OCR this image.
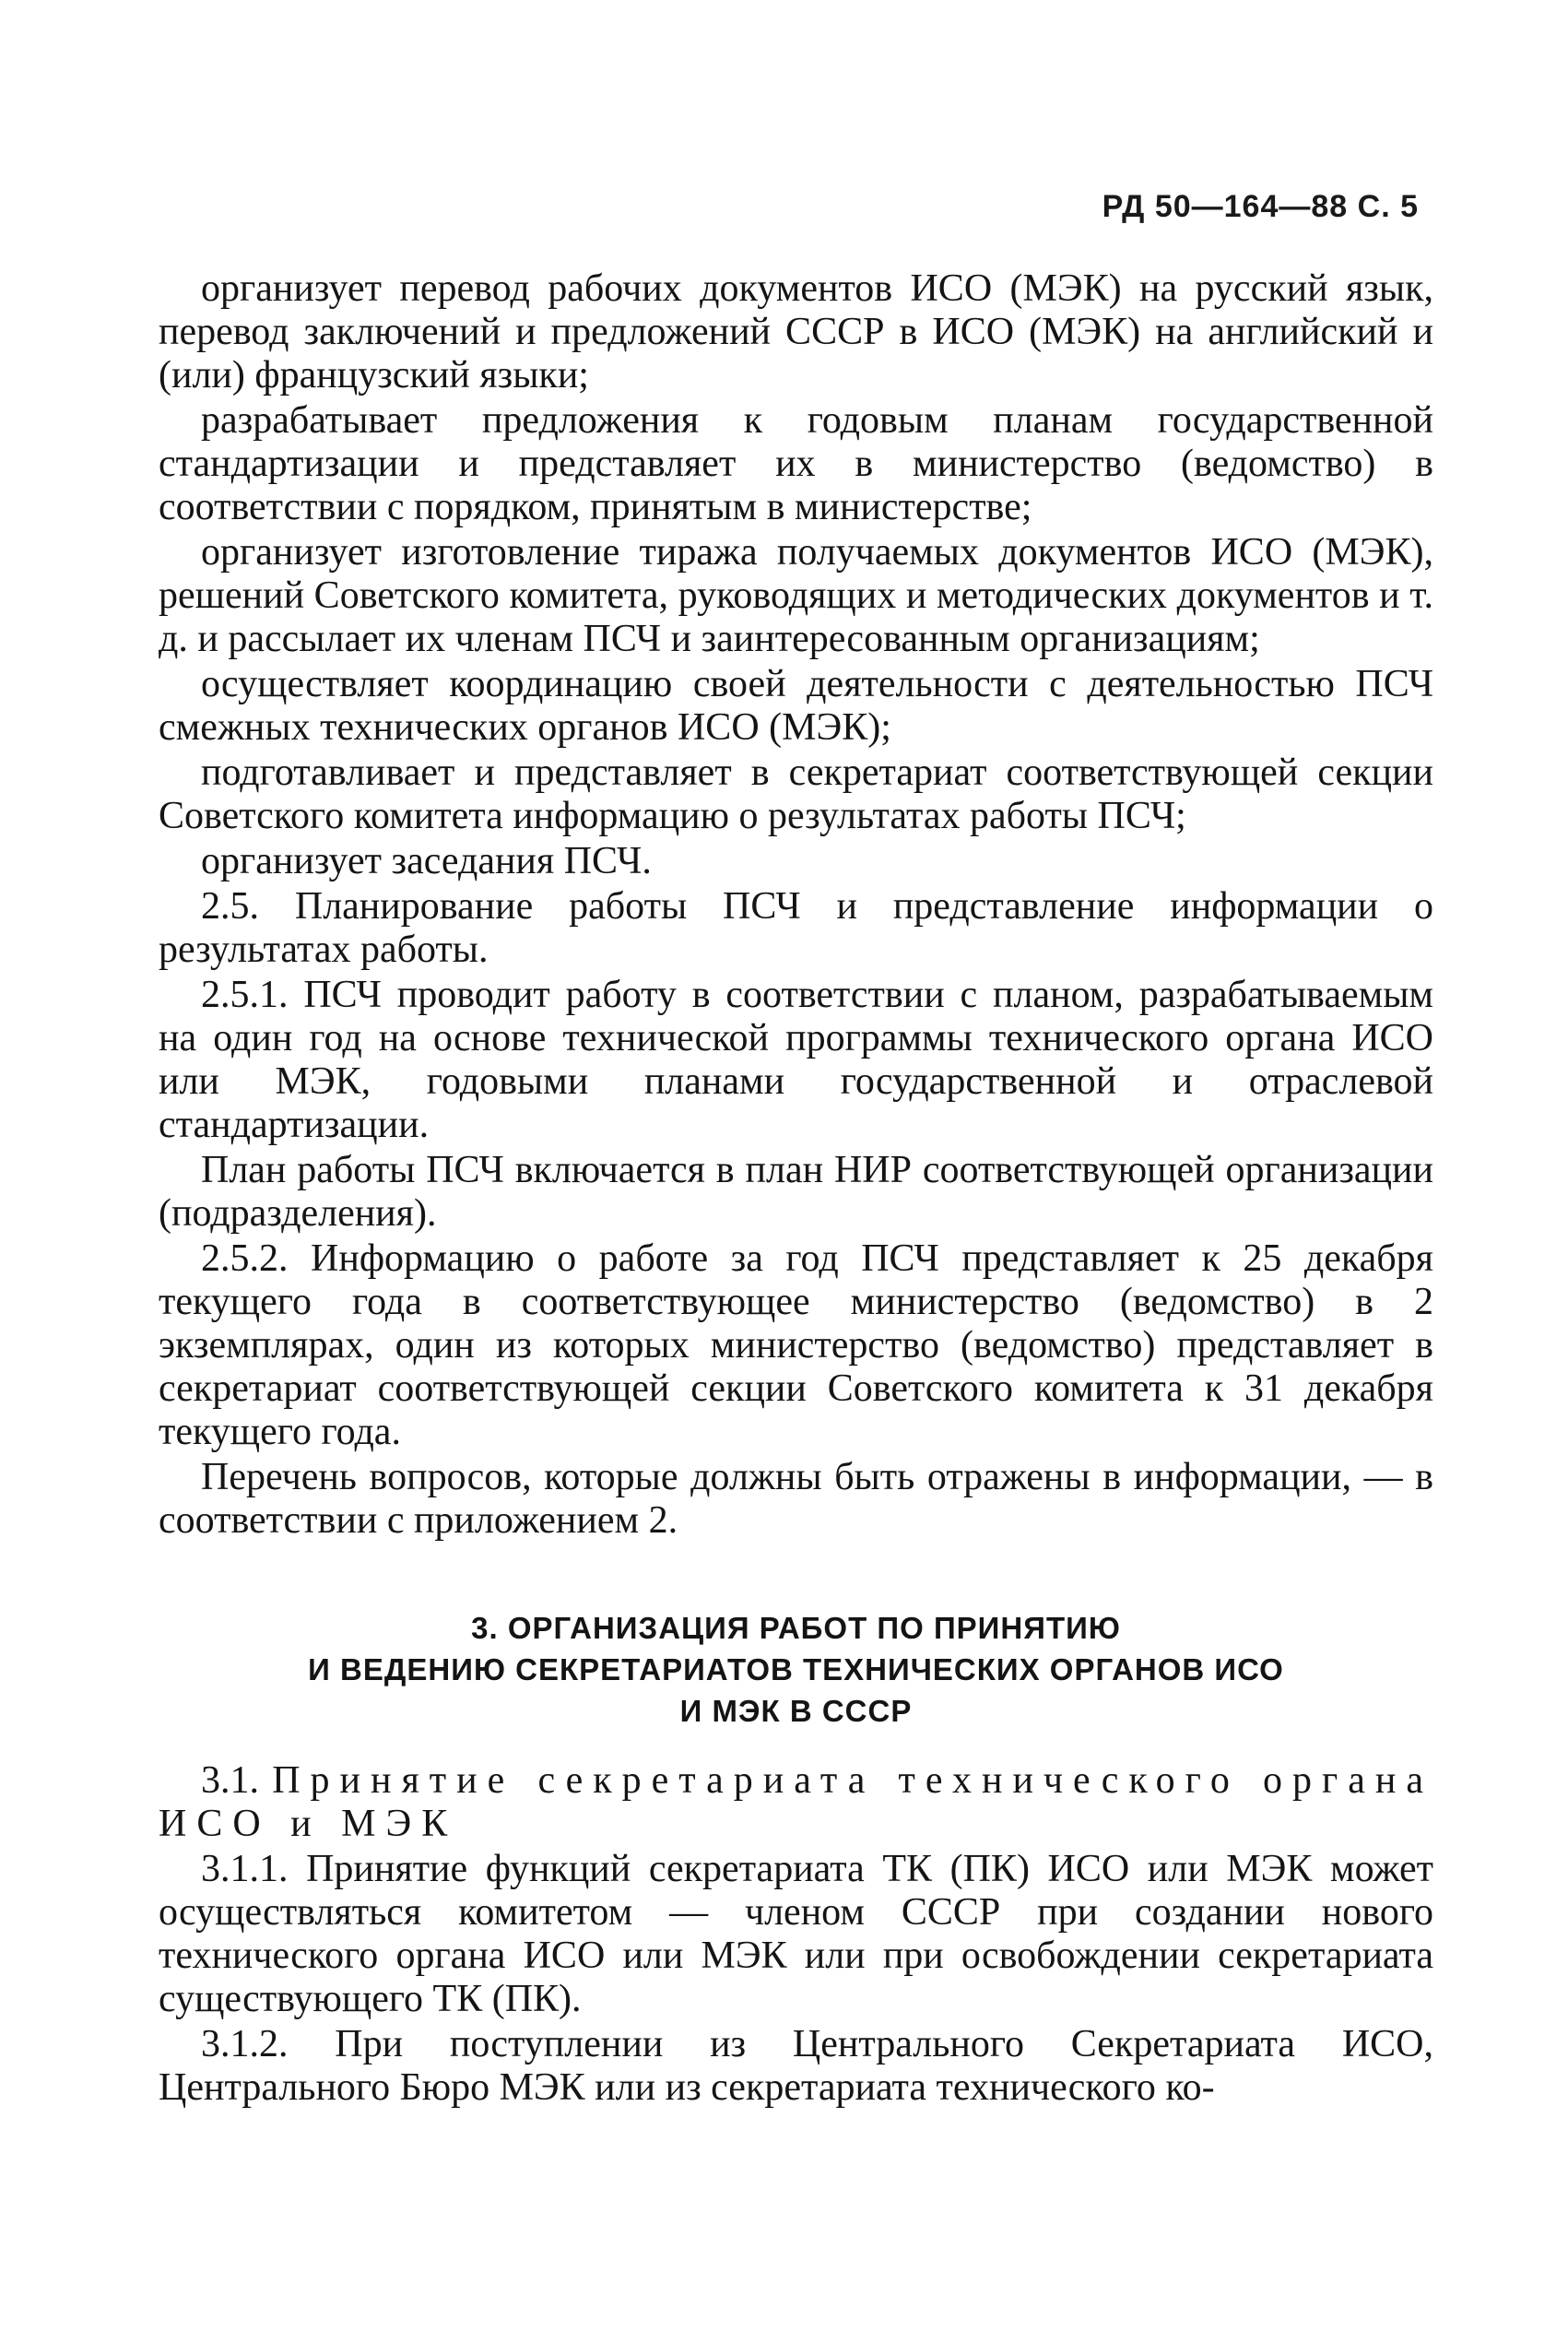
РД 50—164—88 С. 5

организует перевод рабочих документов ИСО (МЭК) на русский язык, перевод заключений и предложений СССР в ИСО (МЭК) на английский и (или) французский языки;

разрабатывает предложения к годовым планам государственной стандартизации и представляет их в министерство (ведомство) в соответствии с порядком, принятым в министерстве;

организует изготовление тиража получаемых документов ИСО (МЭК), решений Советского комитета, руководящих и методических документов и т. д. и рассылает их членам ПСЧ и заинтересованным организациям;

осуществляет координацию своей деятельности с деятельностью ПСЧ смежных технических органов ИСО (МЭК);

подготавливает и представляет в секретариат соответствующей секции Советского комитета информацию о результатах работы ПСЧ;

организует заседания ПСЧ.

2.5. Планирование работы ПСЧ и представление информации о результатах работы.

2.5.1. ПСЧ проводит работу в соответствии с планом, разрабатываемым на один год на основе технической программы технического органа ИСО или МЭК, годовыми планами государственной и отраслевой стандартизации.

План работы ПСЧ включается в план НИР соответствующей организации (подразделения).

2.5.2. Информацию о работе за год ПСЧ представляет к 25 декабря текущего года в соответствующее министерство (ведомство) в 2 экземплярах, один из которых министерство (ведомство) представляет в секретариат соответствующей секции Советского комитета к 31 декабря текущего года.

Перечень вопросов, которые должны быть отражены в информации, — в соответствии с приложением 2.

3. ОРГАНИЗАЦИЯ РАБОТ ПО ПРИНЯТИЮ
И ВЕДЕНИЮ СЕКРЕТАРИАТОВ ТЕХНИЧЕСКИХ ОРГАНОВ ИСО
И МЭК В СССР

3.1. Принятие секретариата технического органа ИСО и МЭК

3.1.1. Принятие функций секретариата ТК (ПК) ИСО или МЭК может осуществляться комитетом — членом СССР при создании нового технического органа ИСО или МЭК или при освобождении секретариата существующего ТК (ПК).

3.1.2. При поступлении из Центрального Секретариата ИСО, Центрального Бюро МЭК или из секретариата технического ко-
